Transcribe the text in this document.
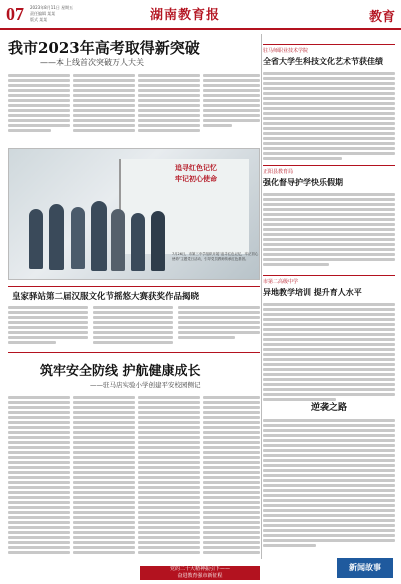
07 2023年8月11日 星期五
责任编辑 某某
版式 某某	湖南教育报	教育
我市2023年高考取得新突破
——本上线首次突破万人大关
追寻红色记忆
牢记初心使命
7月26日，市第三中学组织开展“追寻红色记忆，牢记初心使命”主题党日活动，引导党员教师传承红色基因。
皇家驿站第二届汉服文化节摇悠大赛获奖作品揭晓
筑牢安全防线 护航健康成长
——驻马店实验小学创建平安校园侧记
驻马师职业技术学院
全省大学生科技文化艺术节获佳绩
正阳县教育局
强化督导护学快乐假期
市第二高级中学
异地教学培训 提升育人水平
逆袭之路
党的二十大精神振引下——
奋进教育强市新征程
新闻故事
